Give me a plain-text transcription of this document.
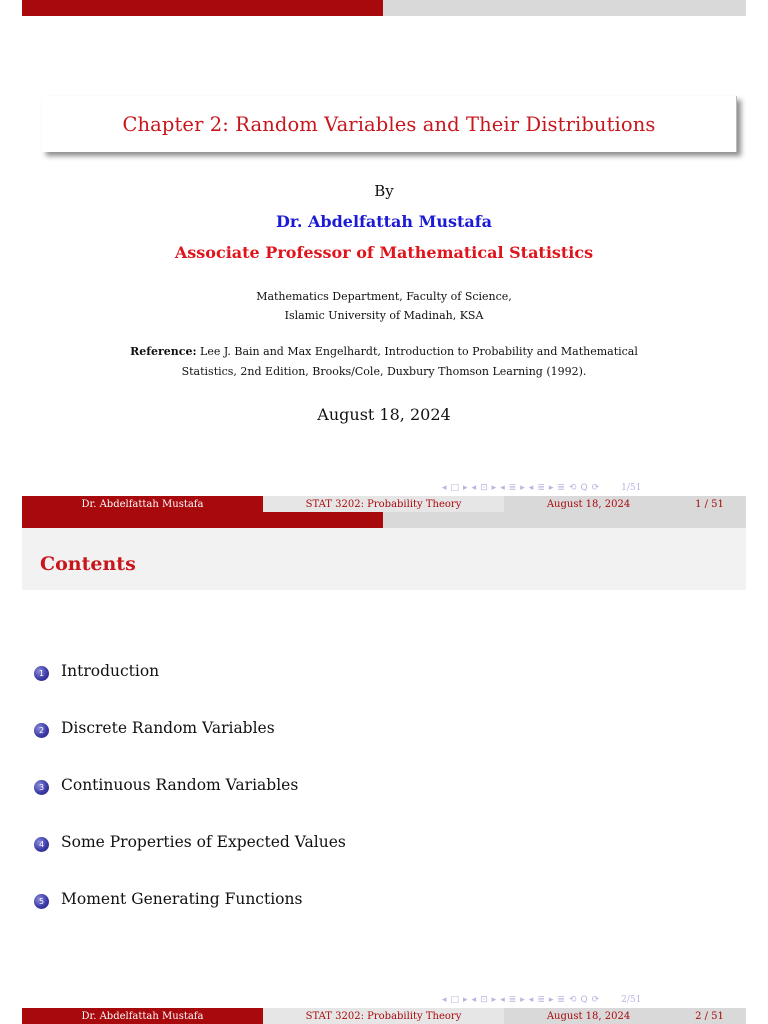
Chapter 2: Random Variables and Their Distributions
By
Dr. Abdelfattah Mustafa
Associate Professor of Mathematical Statistics
Mathematics Department, Faculty of Science,
Islamic University of Madinah, KSA
Reference: Lee J. Bain and Max Engelhardt, Introduction to Probability and Mathematical
Statistics, 2nd Edition, Brooks/Cole, Duxbury Thomson Learning (1992).
August 18, 2024
◂ □ ▸ ◂ ⊡ ▸ ◂ ≣ ▸ ◂ ≣ ▸ ≣ ⟲ Q ⟳	1/51
Dr. Abdelfattah Mustafa	STAT 3202: Probability Theory	August 18, 2024	1 / 51
Contents
1	Introduction
2	Discrete Random Variables
3	Continuous Random Variables
4	Some Properties of Expected Values
5	Moment Generating Functions
◂ □ ▸ ◂ ⊡ ▸ ◂ ≣ ▸ ◂ ≣ ▸ ≣ ⟲ Q ⟳	2/51
Dr. Abdelfattah Mustafa	STAT 3202: Probability Theory	August 18, 2024	2 / 51
